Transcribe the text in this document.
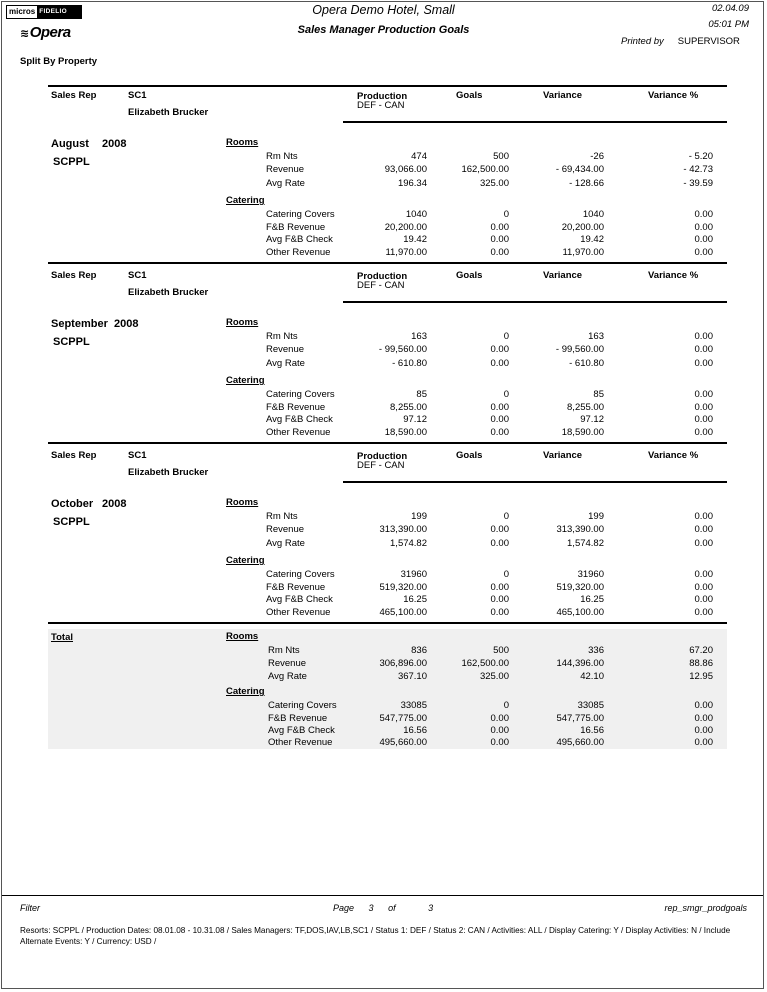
micros FIDELIO
≋Opera
Opera Demo Hotel, Small
Sales Manager Production Goals
02.04.09
05:01 PM
Printed by SUPERVISOR
Split By Property
Sales Rep	SC1
Elizabeth Brucker
Production
DEF - CAN
Goals	Variance	Variance %
August 2008
SCPPL
Rooms
Rm Nts	474	500	-26	- 5.20
Revenue	93,066.00	162,500.00	- 69,434.00	- 42.73
Avg Rate	196.34	325.00	- 128.66	- 39.59
Catering
Catering Covers	1040	0	1040	0.00
F&B Revenue	20,200.00	0.00	20,200.00	0.00
Avg F&B Check	19.42	0.00	19.42	0.00
Other Revenue	11,970.00	0.00	11,970.00	0.00
Sales Rep	SC1
Elizabeth Brucker
Production
DEF - CAN
Goals	Variance	Variance %
September 2008
SCPPL
Rooms
Rm Nts	163	0	163	0.00
Revenue	- 99,560.00	0.00	- 99,560.00	0.00
Avg Rate	- 610.80	0.00	- 610.80	0.00
Catering
Catering Covers	85	0	85	0.00
F&B Revenue	8,255.00	0.00	8,255.00	0.00
Avg F&B Check	97.12	0.00	97.12	0.00
Other Revenue	18,590.00	0.00	18,590.00	0.00
Sales Rep	SC1
Elizabeth Brucker
Production
DEF - CAN
Goals	Variance	Variance %
October 2008
SCPPL
Rooms
Rm Nts	199	0	199	0.00
Revenue	313,390.00	0.00	313,390.00	0.00
Avg Rate	1,574.82	0.00	1,574.82	0.00
Catering
Catering Covers	31960	0	31960	0.00
F&B Revenue	519,320.00	0.00	519,320.00	0.00
Avg F&B Check	16.25	0.00	16.25	0.00
Other Revenue	465,100.00	0.00	465,100.00	0.00
Total	Rooms
Rm Nts	836	500	336	67.20
Revenue	306,896.00	162,500.00	144,396.00	88.86
Avg Rate	367.10	325.00	42.10	12.95
Catering
Catering Covers	33085	0	33085	0.00
F&B Revenue	547,775.00	0.00	547,775.00	0.00
Avg F&B Check	16.56	0.00	16.56	0.00
Other Revenue	495,660.00	0.00	495,660.00	0.00
Filter	Page 3 of	3	rep_smgr_prodgoals
Resorts: SCPPL / Production Dates: 08.01.08 - 10.31.08 / Sales Managers: TF,DOS,IAV,LB,SC1 / Status 1: DEF / Status 2: CAN / Activities: ALL / Display Catering: Y / Display Activities: N / Include Alternate Events: Y / Currency: USD /
